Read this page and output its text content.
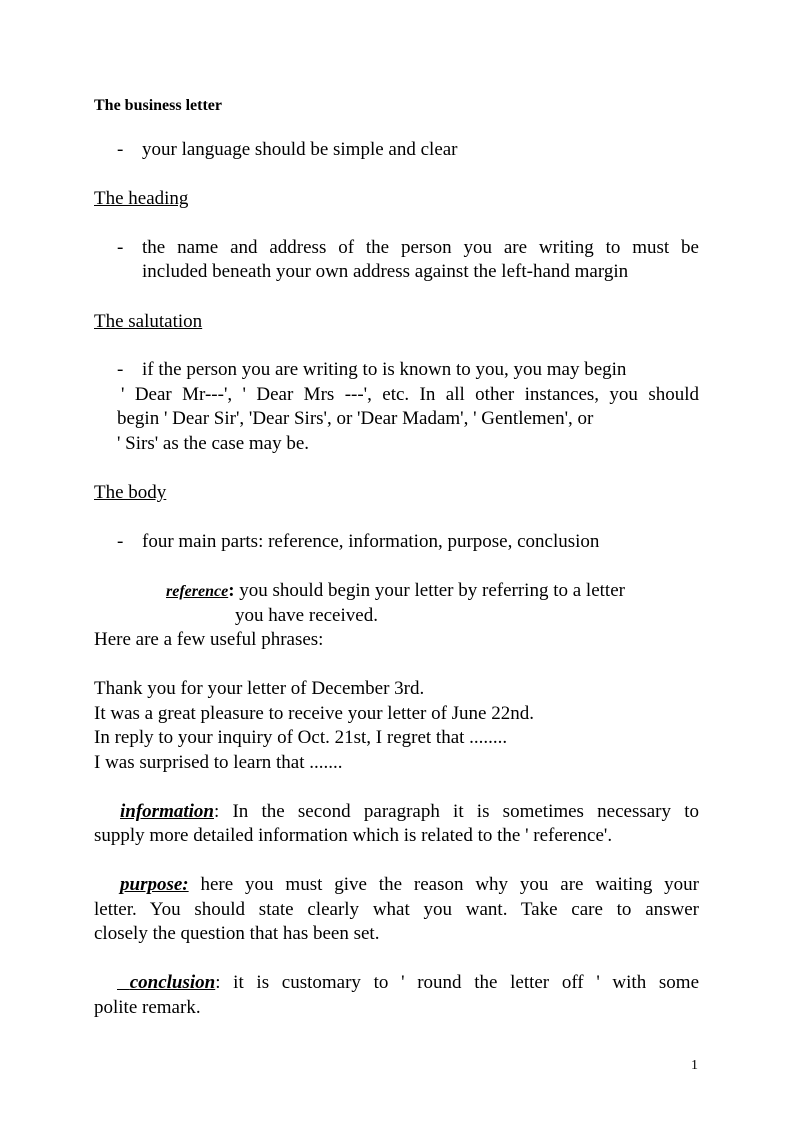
The business letter
- your language should be simple and clear
The heading
- the name and address of the person you are writing to must be
included beneath your own address against the left-hand margin
The salutation
- if the person you are writing to is known to you, you may begin
' Dear Mr---', ' Dear Mrs ---', etc. In all other instances, you should
begin ' Dear Sir', 'Dear Sirs', or 'Dear Madam', ' Gentlemen', or
' Sirs' as the case may be.
The body
- four main parts: reference, information, purpose, conclusion
reference: you should begin your letter by referring to a letter
you have received.
Here are a few useful phrases:
Thank you for your letter of December 3rd.
It was a great pleasure to receive your letter of June 22nd.
In reply to your inquiry of Oct. 21st, I regret that ........
I was surprised to learn that .......
information: In the second paragraph it is sometimes necessary to
supply more detailed information which is related to the ' reference'.
purpose: here you must give the reason why you are waiting your
letter. You should state clearly what you want. Take care to answer
closely the question that has been set.
conclusion: it is customary to ' round the letter off ' with some
polite remark.
1
